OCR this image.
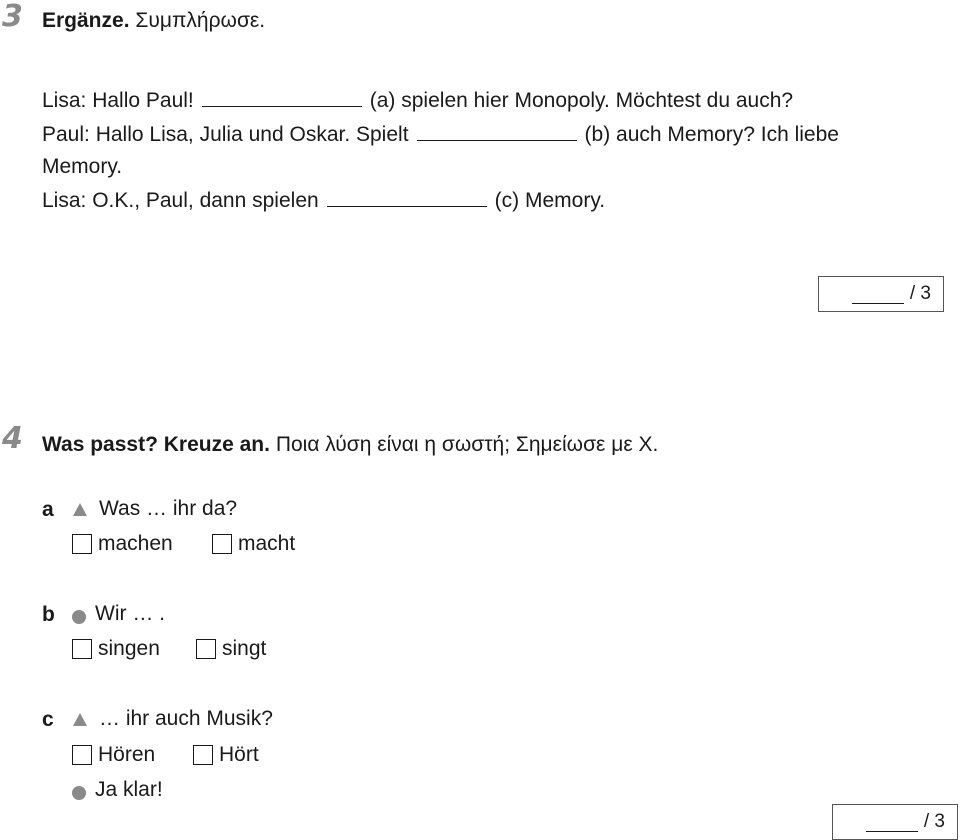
3 Ergänze. Συμπλήρωσε.
Lisa: Hallo Paul!	(a) spielen hier Monopoly. Möchtest du auch?
Paul: Hallo Lisa, Julia und Oskar. Spielt	(b) auch Memory? Ich liebe
Memory.
Lisa: O.K., Paul, dann spielen	(c) Memory.
/ 3
4 Was passt? Kreuze an. Ποια λύση είναι η σωστή; Σημείωσε με Χ.
a Was … ihr da?
machen	macht
b Wir … .
singen	singt
c … ihr auch Musik?
Hören	Hört
Ja klar!
/ 3
